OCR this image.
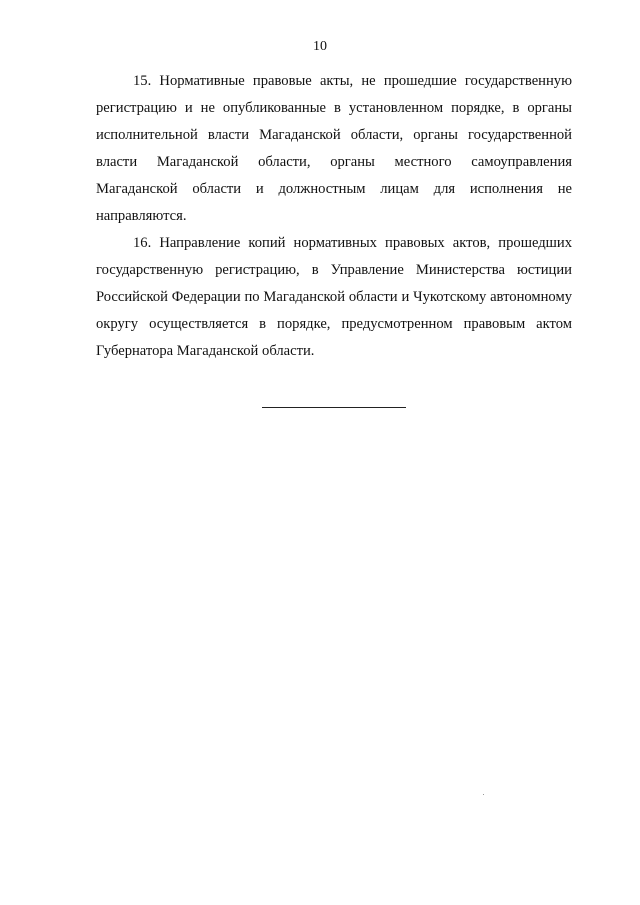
10

15. Нормативные правовые акты, не прошедшие государственную регистрацию и не опубликованные в установленном порядке, в органы исполнительной власти Магаданской области, органы государственной власти Магаданской области, органы местного самоуправления Магаданской области и должностным лицам для исполнения не направляются.

16. Направление копий нормативных правовых актов, прошедших государственную регистрацию, в Управление Министерства юстиции Российской Федерации по Магаданской области и Чукотскому автономному округу осуществляется в порядке, предусмотренном правовым актом Губернатора Магаданской области.
